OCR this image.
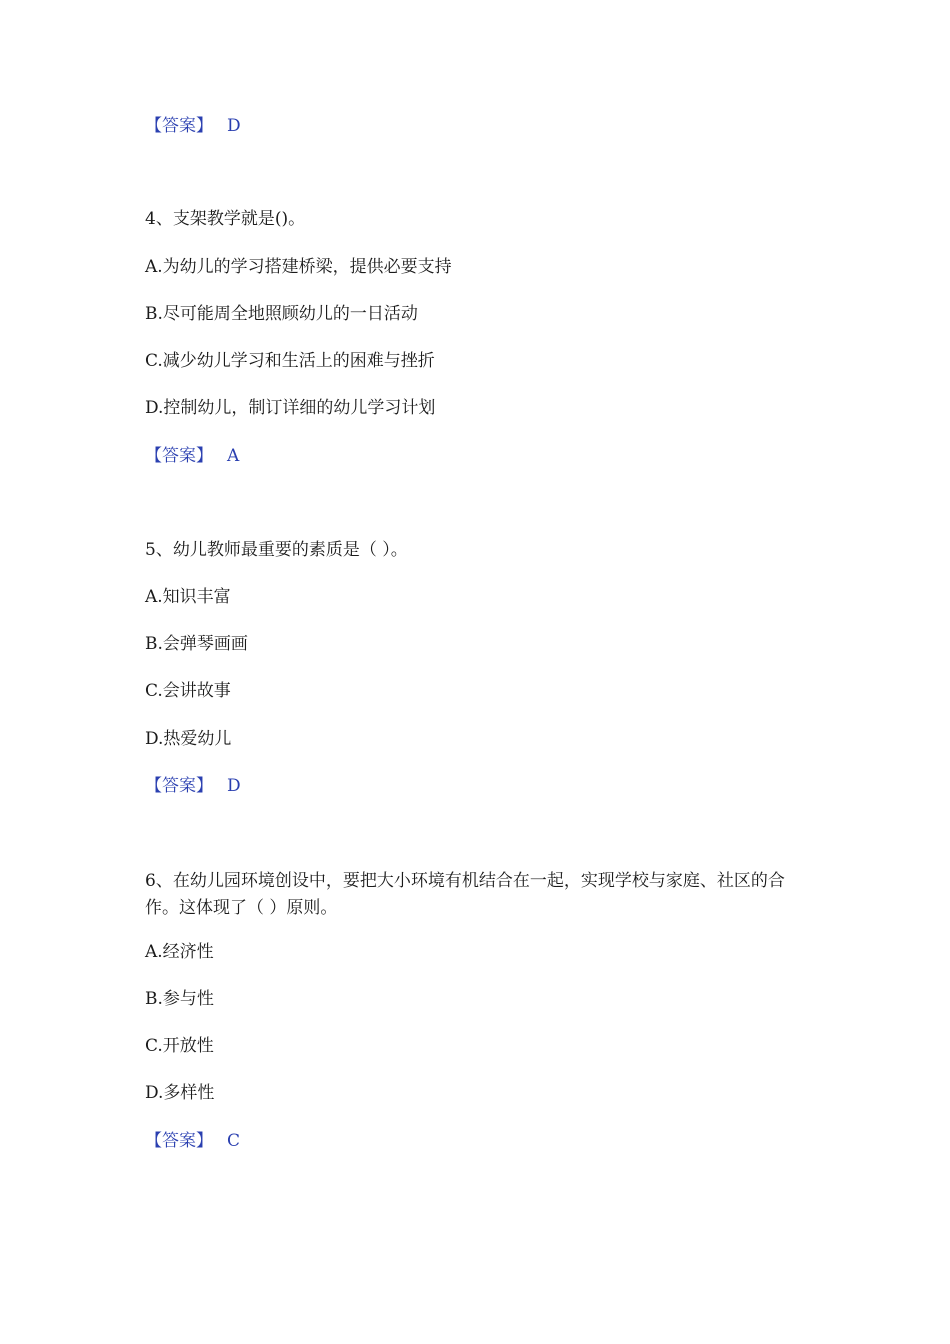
【答案】 D
4、支架教学就是()。
A.为幼儿的学习搭建桥梁，提供必要支持
B.尽可能周全地照顾幼儿的一日活动
C.减少幼儿学习和生活上的困难与挫折
D.控制幼儿，制订详细的幼儿学习计划
【答案】 A
5、幼儿教师最重要的素质是（ ）。
A.知识丰富
B.会弹琴画画
C.会讲故事
D.热爱幼儿
【答案】 D
6、在幼儿园环境创设中，要把大小环境有机结合在一起，实现学校与家庭、社区的合作。这体现了（ ）原则。
A.经济性
B.参与性
C.开放性
D.多样性
【答案】 C
